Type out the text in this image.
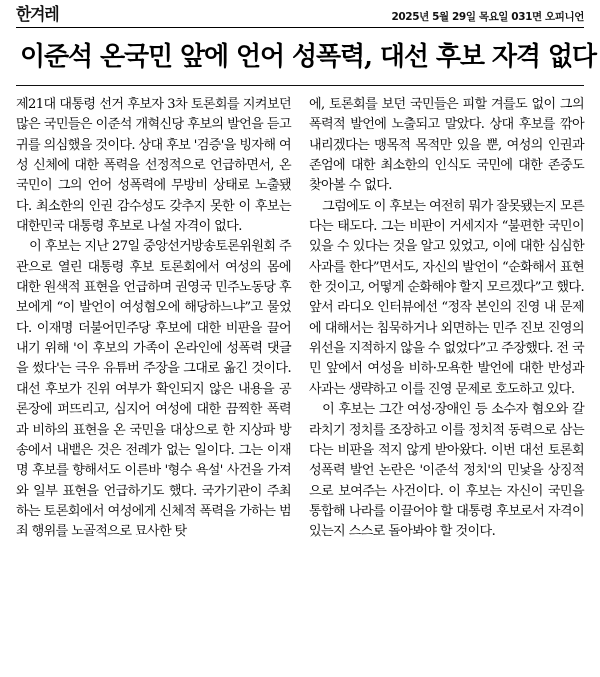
한겨레	2025년 5월 29일 목요일 031면 오피니언
이준석 온국민 앞에 언어 성폭력, 대선 후보 자격 없다

제21대 대통령 선거 후보자 3차 토론회를 지켜보던 많은 국민들은 이준석 개혁신당 후보의 발언을 듣고 귀를 의심했을 것이다. 상대 후보 '검증'을 빙자해 여성 신체에 대한 폭력을 선정적으로 언급하면서, 온 국민이 그의 언어 성폭력에 무방비 상태로 노출됐다. 최소한의 인권 감수성도 갖추지 못한 이 후보는 대한민국 대통령 후보로 나설 자격이 없다.

이 후보는 지난 27일 중앙선거방송토론위원회 주관으로 열린 대통령 후보 토론회에서 여성의 몸에 대한 원색적 표현을 언급하며 권영국 민주노동당 후보에게 “이 발언이 여성혐오에 해당하느냐”고 물었다. 이재명 더불어민주당 후보에 대한 비판을 끌어내기 위해 '이 후보의 가족이 온라인에 성폭력 댓글을 썼다'는 극우 유튜버 주장을 그대로 옮긴 것이다. 대선 후보가 진위 여부가 확인되지 않은 내용을 공론장에 퍼뜨리고, 심지어 여성에 대한 끔찍한 폭력과 비하의 표현을 온 국민을 대상으로 한 지상파 방송에서 내뱉은 것은 전례가 없는 일이다. 그는 이재명 후보를 향해서도 이른바 '형수 욕설' 사건을 가져와 일부 표현을 언급하기도 했다. 국가기관이 주최하는 토론회에서 여성에게 신체적 폭력을 가하는 범죄 행위를 노골적으로 묘사한 탓

에, 토론회를 보던 국민들은 피할 겨를도 없이 그의 폭력적 발언에 노출되고 말았다. 상대 후보를 깎아내리겠다는 맹목적 목적만 있을 뿐, 여성의 인권과 존엄에 대한 최소한의 인식도 국민에 대한 존중도 찾아볼 수 없다.

그럼에도 이 후보는 여전히 뭐가 잘못됐는지 모른다는 태도다. 그는 비판이 거세지자 “불편한 국민이 있을 수 있다는 것을 알고 있었고, 이에 대한 심심한 사과를 한다”면서도, 자신의 발언이 “순화해서 표현한 것이고, 어떻게 순화해야 할지 모르겠다”고 했다. 앞서 라디오 인터뷰에선 “정작 본인의 진영 내 문제에 대해서는 침묵하거나 외면하는 민주 진보 진영의 위선을 지적하지 않을 수 없었다”고 주장했다. 전 국민 앞에서 여성을 비하·모욕한 발언에 대한 반성과 사과는 생략하고 이를 진영 문제로 호도하고 있다.

이 후보는 그간 여성·장애인 등 소수자 혐오와 갈라치기 정치를 조장하고 이를 정치적 동력으로 삼는다는 비판을 적지 않게 받아왔다. 이번 대선 토론회 성폭력 발언 논란은 '이준석 정치'의 민낯을 상징적으로 보여주는 사건이다. 이 후보는 자신이 국민을 통합해 나라를 이끌어야 할 대통령 후보로서 자격이 있는지 스스로 돌아봐야 할 것이다.
